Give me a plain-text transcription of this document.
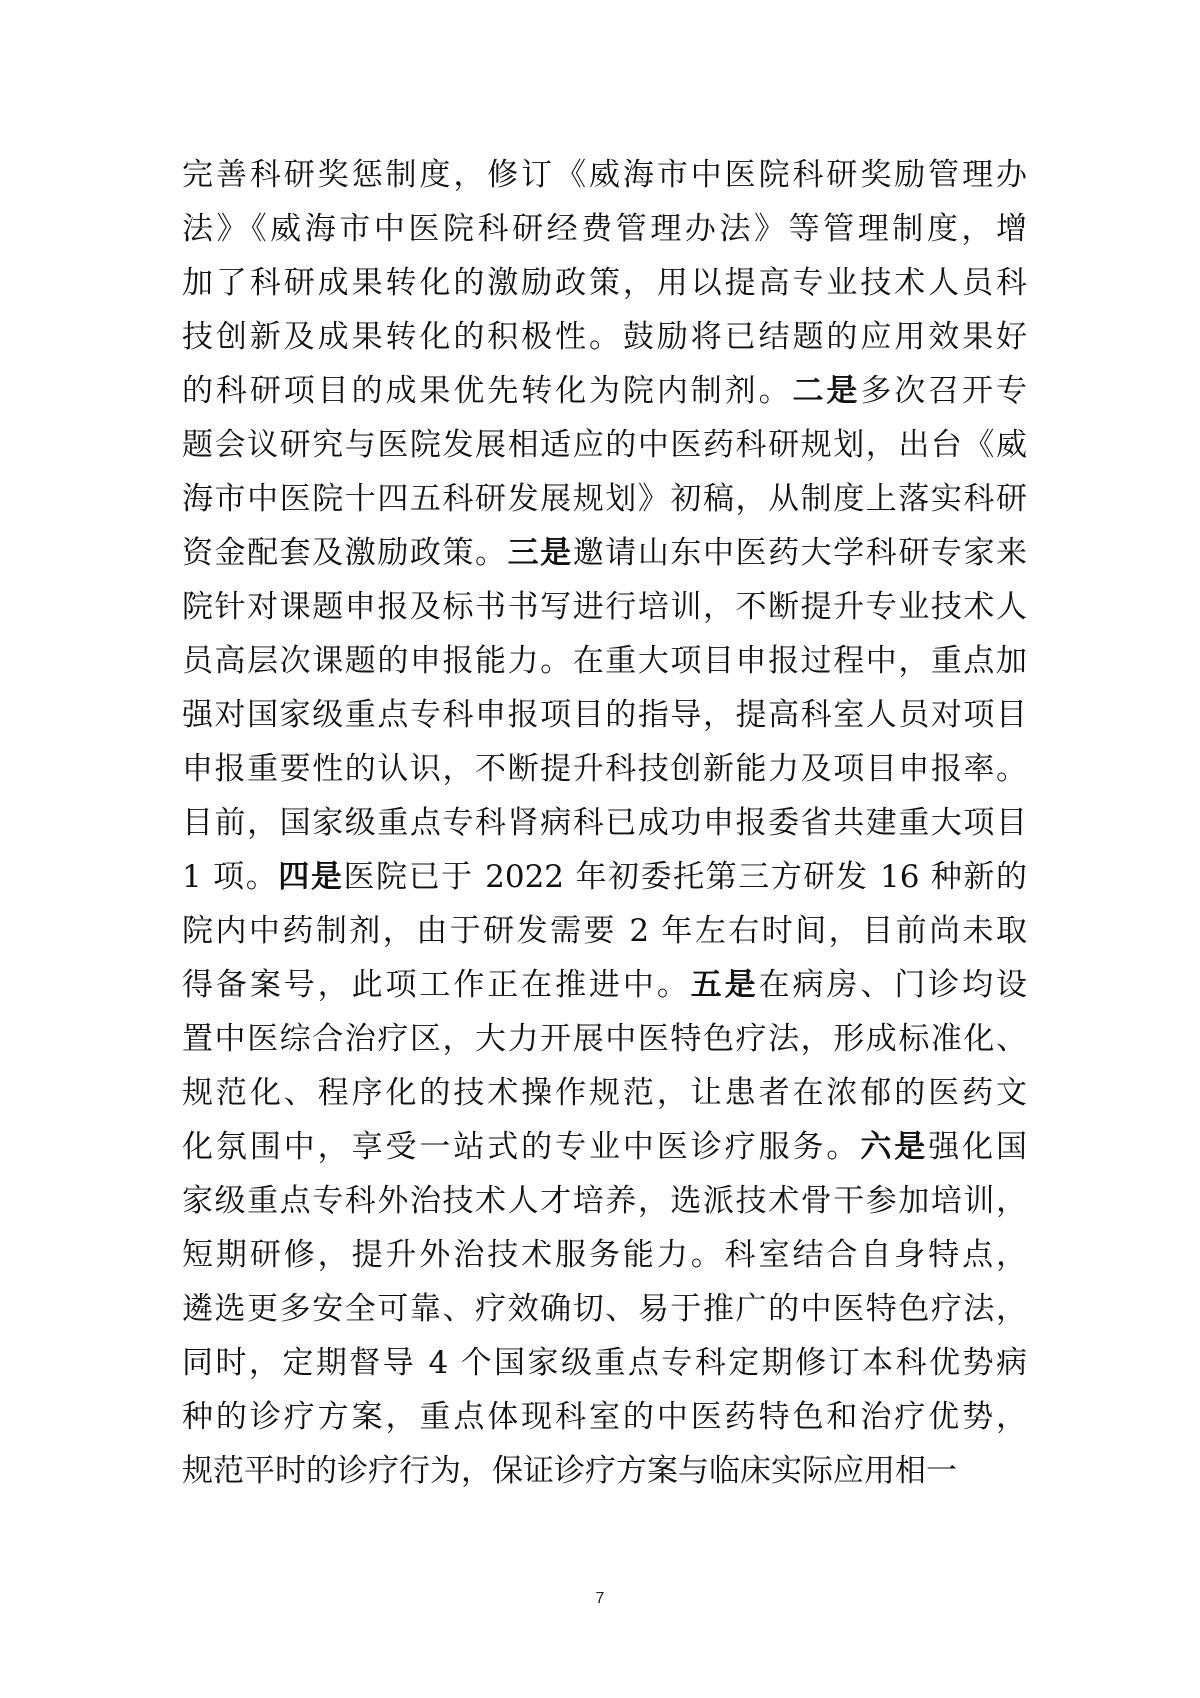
完善科研奖惩制度，修订《威海市中医院科研奖励管理办
法》《威海市中医院科研经费管理办法》等管理制度，增
加了科研成果转化的激励政策，用以提高专业技术人员科
技创新及成果转化的积极性。鼓励将已结题的应用效果好
的科研项目的成果优先转化为院内制剂。二是多次召开专
题会议研究与医院发展相适应的中医药科研规划，出台《威
海市中医院十四五科研发展规划》初稿，从制度上落实科研
资金配套及激励政策。三是邀请山东中医药大学科研专家来
院针对课题申报及标书书写进行培训，不断提升专业技术人
员高层次课题的申报能力。在重大项目申报过程中，重点加
强对国家级重点专科申报项目的指导，提高科室人员对项目
申报重要性的认识，不断提升科技创新能力及项目申报率。
目前，国家级重点专科肾病科已成功申报委省共建重大项目
1 项。四是医院已于 2022 年初委托第三方研发 16 种新的
院内中药制剂，由于研发需要 2 年左右时间，目前尚未取
得备案号，此项工作正在推进中。五是在病房、门诊均设
置中医综合治疗区，大力开展中医特色疗法，形成标准化、
规范化、程序化的技术操作规范，让患者在浓郁的医药文
化氛围中，享受一站式的专业中医诊疗服务。六是强化国
家级重点专科外治技术人才培养，选派技术骨干参加培训，
短期研修，提升外治技术服务能力。科室结合自身特点，
遴选更多安全可靠、疗效确切、易于推广的中医特色疗法，
同时，定期督导 4 个国家级重点专科定期修订本科优势病
种的诊疗方案，重点体现科室的中医药特色和治疗优势，
规范平时的诊疗行为，保证诊疗方案与临床实际应用相一
7
